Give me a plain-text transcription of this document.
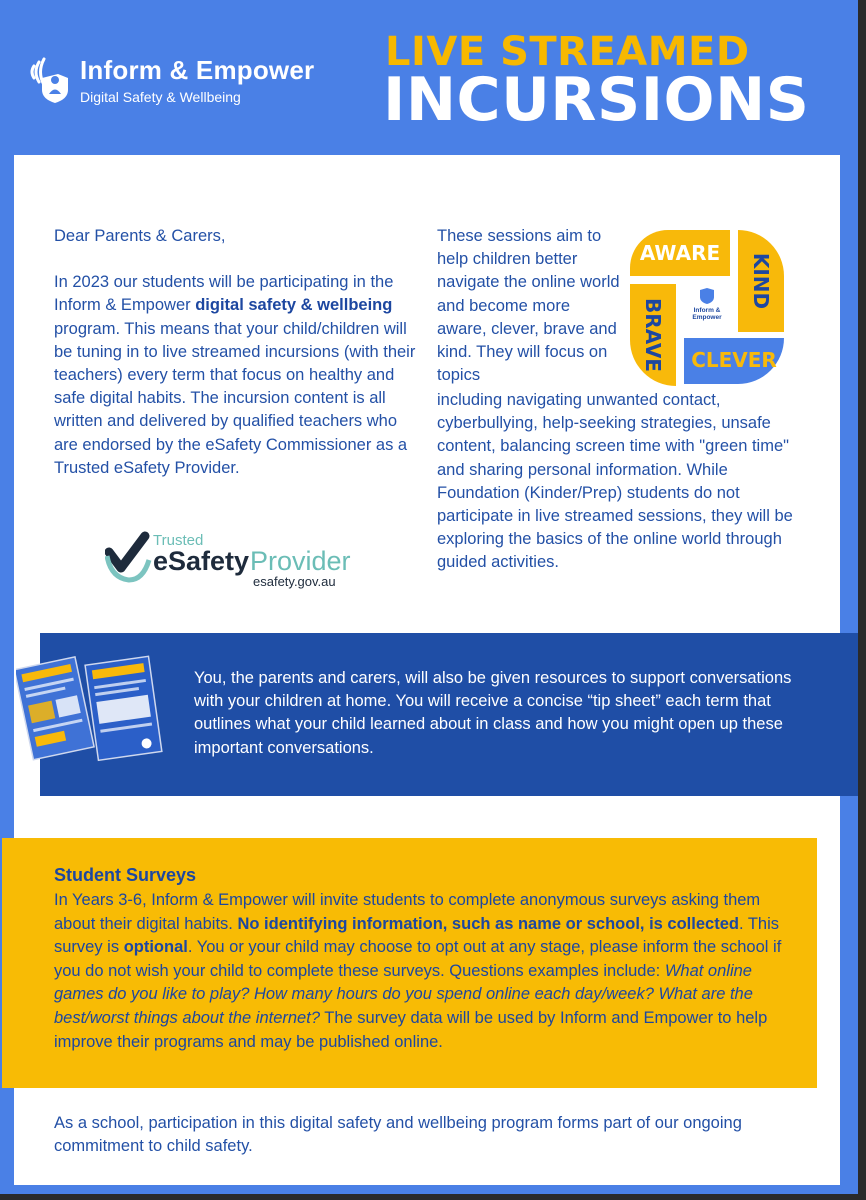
Inform & Empower
Digital Safety & Wellbeing
LIVE STREAMED
INCURSIONS

Dear Parents & Carers,

In 2023 our students will be participating in the Inform & Empower digital safety & wellbeing program. This means that your child/children will be tuning in to live streamed incursions (with their teachers) every term that focus on healthy and safe digital habits. The incursion content is all written and delivered by qualified teachers who are endorsed by the eSafety Commissioner as a Trusted eSafety Provider.

Trusted
eSafety Provider
esafety.gov.au
These sessions aim to help children better navigate the online world and become more aware, clever, brave and kind. They will focus on topics
AWARE KIND
BRAVE CLEVER
Inform &
Empower
including navigating unwanted contact, cyberbullying, help-seeking strategies, unsafe content, balancing screen time with "green time" and sharing personal information. While Foundation (Kinder/Prep) students do not participate in live streamed sessions, they will be exploring the basics of the online world through guided activities.
You, the parents and carers, will also be given resources to support conversations with your children at home. You will receive a concise “tip sheet” each term that outlines what your child learned about in class and how you might open up these important conversations.
Student Surveys
In Years 3-6, Inform & Empower will invite students to complete anonymous surveys asking them about their digital habits. No identifying information, such as name or school, is collected. This survey is optional. You or your child may choose to opt out at any stage, please inform the school if you do not wish your child to complete these surveys. Questions examples include: What online games do you like to play? How many hours do you spend online each day/week? What are the best/worst things about the internet? The survey data will be used by Inform and Empower to help improve their programs and may be published online.
As a school, participation in this digital safety and wellbeing program forms part of our ongoing commitment to child safety.
